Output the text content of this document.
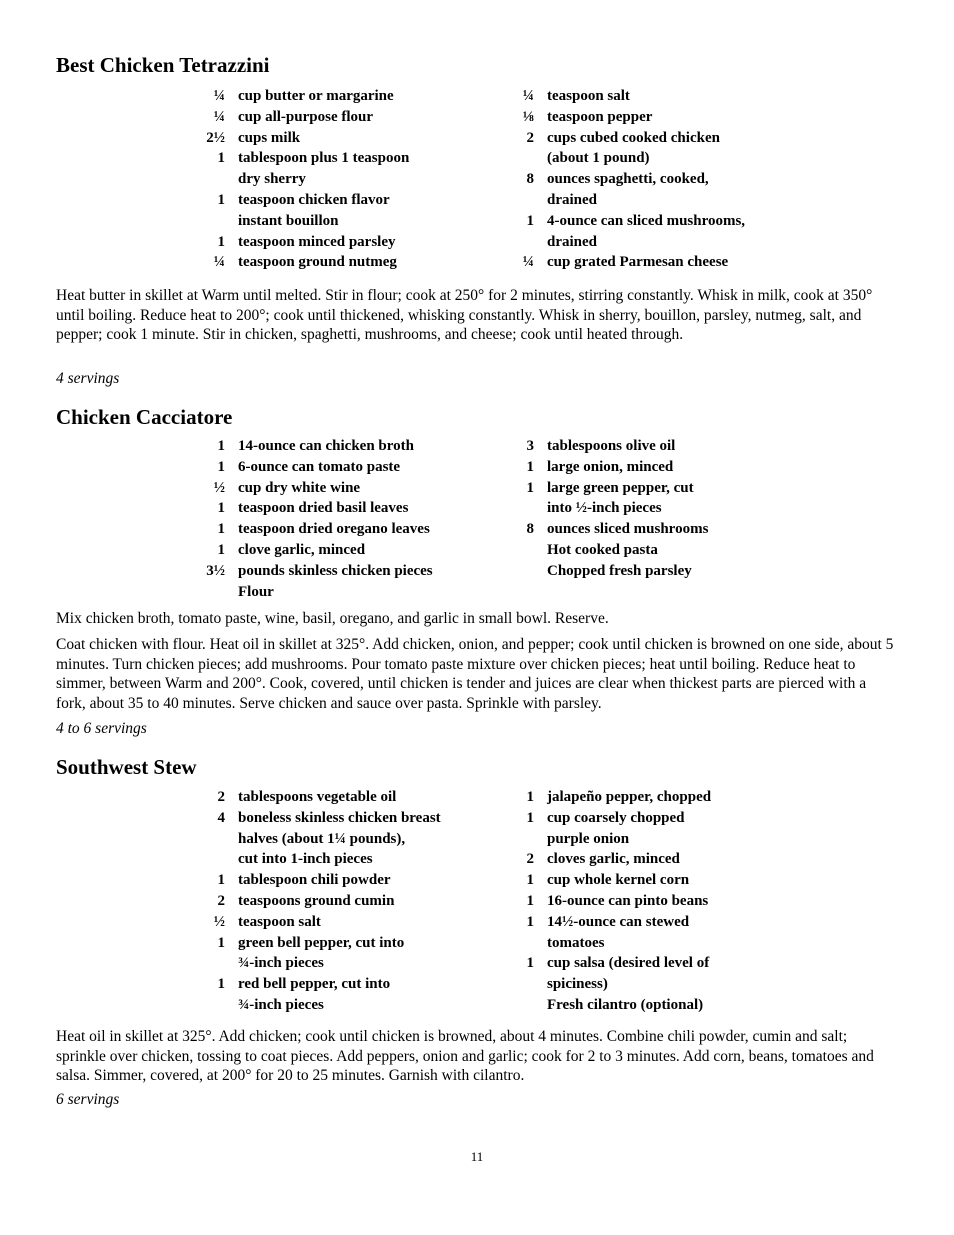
Best Chicken Tetrazzini
¼ cup butter or margarine
¼ cup all-purpose flour
2½ cups milk
1 tablespoon plus 1 teaspoon
dry sherry
1 teaspoon chicken flavor
instant bouillon
1 teaspoon minced parsley
¼ teaspoon ground nutmeg
¼ teaspoon salt
⅛ teaspoon pepper
2 cups cubed cooked chicken
(about 1 pound)
8 ounces spaghetti, cooked,
drained
1 4-ounce can sliced mushrooms,
drained
¼ cup grated Parmesan cheese

Heat butter in skillet at Warm until melted. Stir in flour; cook at 250° for 2 minutes, stirring constantly. Whisk in milk, cook at 350° until boiling. Reduce heat to 200°; cook until thickened, whisking constantly. Whisk in sherry, bouillon, parsley, nutmeg, salt, and pepper; cook 1 minute. Stir in chicken, spaghetti, mushrooms, and cheese; cook until heated through.

4 servings

Chicken Cacciatore
1 14-ounce can chicken broth
1 6-ounce can tomato paste
½ cup dry white wine
1 teaspoon dried basil leaves
1 teaspoon dried oregano leaves
1 clove garlic, minced
3½ pounds skinless chicken pieces
Flour
3 tablespoons olive oil
1 large onion, minced
1 large green pepper, cut
into ½-inch pieces
8 ounces sliced mushrooms
Hot cooked pasta
Chopped fresh parsley

Mix chicken broth, tomato paste, wine, basil, oregano, and garlic in small bowl. Reserve.

Coat chicken with flour. Heat oil in skillet at 325°. Add chicken, onion, and pepper; cook until chicken is browned on one side, about 5 minutes. Turn chicken pieces; add mushrooms. Pour tomato paste mixture over chicken pieces; heat until boiling. Reduce heat to simmer, between Warm and 200°. Cook, covered, until chicken is tender and juices are clear when thickest parts are pierced with a fork, about 35 to 40 minutes. Serve chicken and sauce over pasta. Sprinkle with parsley.

4 to 6 servings

Southwest Stew
2 tablespoons vegetable oil
4 boneless skinless chicken breast
halves (about 1¼ pounds),
cut into 1-inch pieces
1 tablespoon chili powder
2 teaspoons ground cumin
½ teaspoon salt
1 green bell pepper, cut into
¾-inch pieces
1 red bell pepper, cut into
¾-inch pieces
1 jalapeño pepper, chopped
1 cup coarsely chopped
purple onion
2 cloves garlic, minced
1 cup whole kernel corn
1 16-ounce can pinto beans
1 14½-ounce can stewed
tomatoes
1 cup salsa (desired level of
spiciness)
Fresh cilantro (optional)

Heat oil in skillet at 325°. Add chicken; cook until chicken is browned, about 4 minutes. Combine chili powder, cumin and salt; sprinkle over chicken, tossing to coat pieces. Add peppers, onion and garlic; cook for 2 to 3 minutes. Add corn, beans, tomatoes and salsa. Simmer, covered, at 200° for 20 to 25 minutes. Garnish with cilantro.

6 servings

11
